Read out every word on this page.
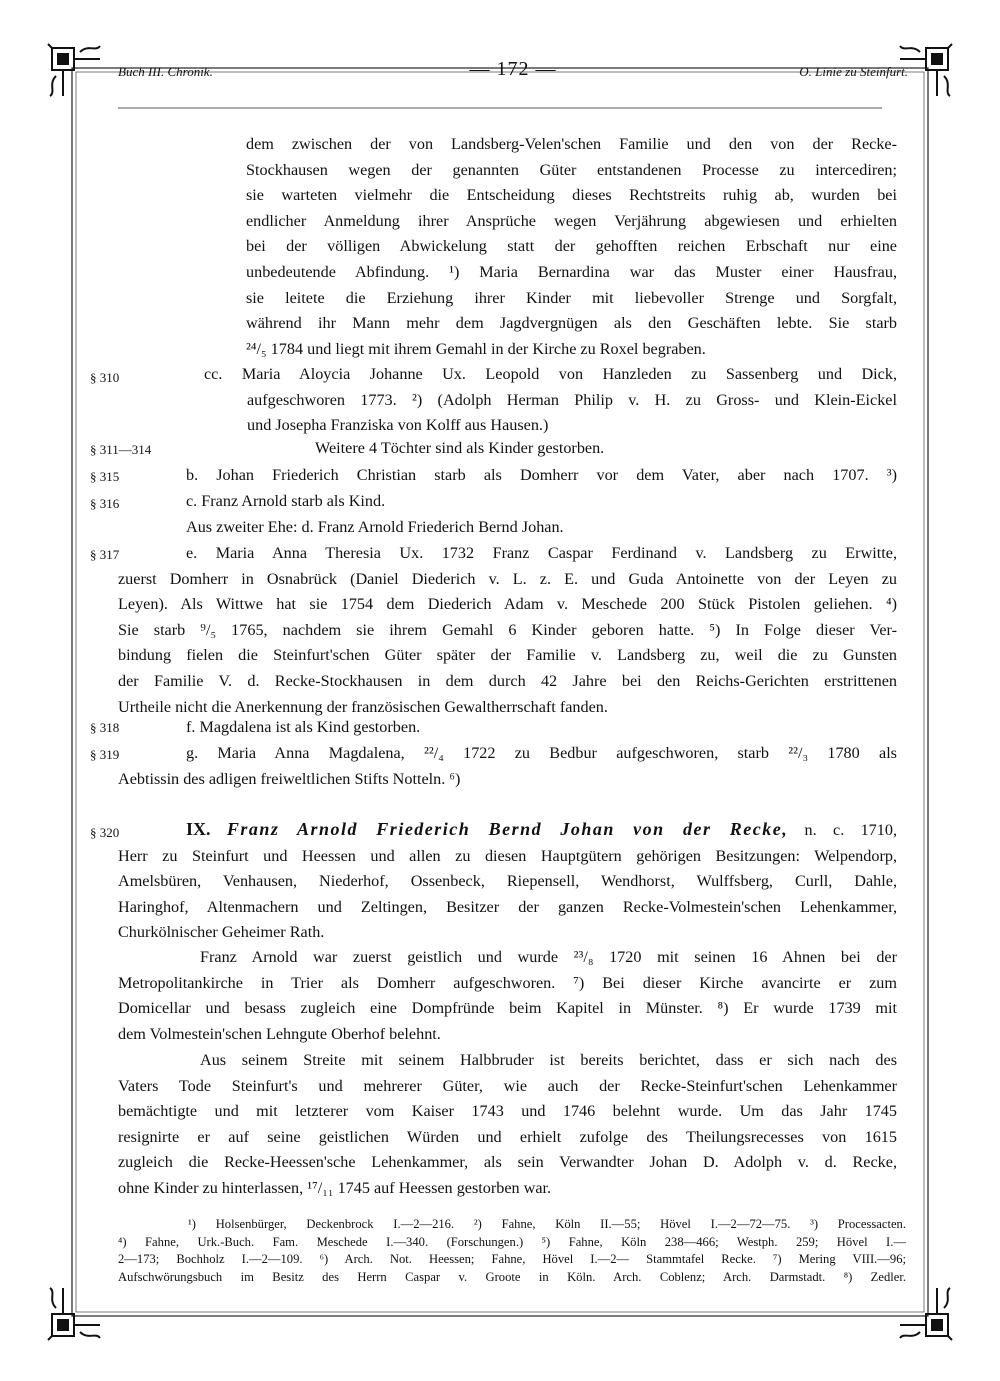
Buch III. Chronik.	— 172 —	O. Linie zu Steinfurt.
§ 310
§ 311—314
§ 315
§ 316
§ 317
§ 318
§ 319
§ 320
dem zwischen der von Landsberg-Velen'schen Familie und den von der Recke-
Stockhausen wegen der genannten Güter entstandenen Processe zu intercediren;
sie warteten vielmehr die Entscheidung dieses Rechtstreits ruhig ab, wurden bei
endlicher Anmeldung ihrer Ansprüche wegen Verjährung abgewiesen und erhielten
bei der völligen Abwickelung statt der gehofften reichen Erbschaft nur eine
unbedeutende Abfindung. ¹) Maria Bernardina war das Muster einer Hausfrau,
sie leitete die Erziehung ihrer Kinder mit liebevoller Strenge und Sorgfalt,
während ihr Mann mehr dem Jagdvergnügen als den Geschäften lebte. Sie starb
²⁴/₅ 1784 und liegt mit ihrem Gemahl in der Kirche zu Roxel begraben.
cc. Maria Aloycia Johanne Ux. Leopold von Hanzleden zu Sassenberg und Dick,
aufgeschworen 1773. ²) (Adolph Herman Philip v. H. zu Gross- und Klein-Eickel
und Josepha Franziska von Kolff aus Hausen.)
Weitere 4 Töchter sind als Kinder gestorben.
b. Johan Friederich Christian starb als Domherr vor dem Vater, aber nach 1707. ³)
c. Franz Arnold starb als Kind.
Aus zweiter Ehe: d. Franz Arnold Friederich Bernd Johan.
e. Maria Anna Theresia Ux. 1732 Franz Caspar Ferdinand v. Landsberg zu Erwitte,
zuerst Domherr in Osnabrück (Daniel Diederich v. L. z. E. und Guda Antoinette von der Leyen zu
Leyen). Als Wittwe hat sie 1754 dem Diederich Adam v. Meschede 200 Stück Pistolen geliehen. ⁴)
Sie starb ⁹/₅ 1765, nachdem sie ihrem Gemahl 6 Kinder geboren hatte. ⁵) In Folge dieser Ver-
bindung fielen die Steinfurt'schen Güter später der Familie v. Landsberg zu, weil die zu Gunsten
der Familie V. d. Recke-Stockhausen in dem durch 42 Jahre bei den Reichs-Gerichten erstrittenen
Urtheile nicht die Anerkennung der französischen Gewaltherrschaft fanden.
f. Magdalena ist als Kind gestorben.
g. Maria Anna Magdalena, ²²/₄ 1722 zu Bedbur aufgeschworen, starb ²²/₃ 1780 als
Aebtissin des adligen freiweltlichen Stifts Notteln. ⁶)
IX. Franz Arnold Friederich Bernd Johan von der Recke, n. c. 1710,
Herr zu Steinfurt und Heessen und allen zu diesen Hauptgütern gehörigen Besitzungen: Welpendorp,
Amelsbüren, Venhausen, Niederhof, Ossenbeck, Riepensell, Wendhorst, Wulffsberg, Curll, Dahle,
Haringhof, Altenmachern und Zeltingen, Besitzer der ganzen Recke-Volmestein'schen Lehenkammer,
Churkölnischer Geheimer Rath.
Franz Arnold war zuerst geistlich und wurde ²³/₈ 1720 mit seinen 16 Ahnen bei der
Metropolitankirche in Trier als Domherr aufgeschworen. ⁷) Bei dieser Kirche avancirte er zum
Domicellar und besass zugleich eine Dompfründe beim Kapitel in Münster. ⁸) Er wurde 1739 mit
dem Volmestein'schen Lehngute Oberhof belehnt.
Aus seinem Streite mit seinem Halbbruder ist bereits berichtet, dass er sich nach des
Vaters Tode Steinfurt's und mehrerer Güter, wie auch der Recke-Steinfurt'schen Lehenkammer
bemächtigte und mit letzterer vom Kaiser 1743 und 1746 belehnt wurde. Um das Jahr 1745
resignirte er auf seine geistlichen Würden und erhielt zufolge des Theilungsrecesses von 1615
zugleich die Recke-Heessen'sche Lehenkammer, als sein Verwandter Johan D. Adolph v. d. Recke,
ohne Kinder zu hinterlassen, ¹⁷/₁₁ 1745 auf Heessen gestorben war.
¹) Holsenbürger, Deckenbrock I.—2—216. ²) Fahne, Köln II.—55; Hövel I.—2—72—75. ³) Processacten.
⁴) Fahne, Urk.-Buch. Fam. Meschede I.—340. (Forschungen.) ⁵) Fahne, Köln 238—466; Westph. 259; Hövel I.—
2—173; Bochholz I.—2—109. ⁶) Arch. Not. Heessen; Fahne, Hövel I.—2— Stammtafel Recke. ⁷) Mering VIII.—96;
Aufschwörungsbuch im Besitz des Herrn Caspar v. Groote in Köln. Arch. Coblenz; Arch. Darmstadt. ⁸) Zedler.
